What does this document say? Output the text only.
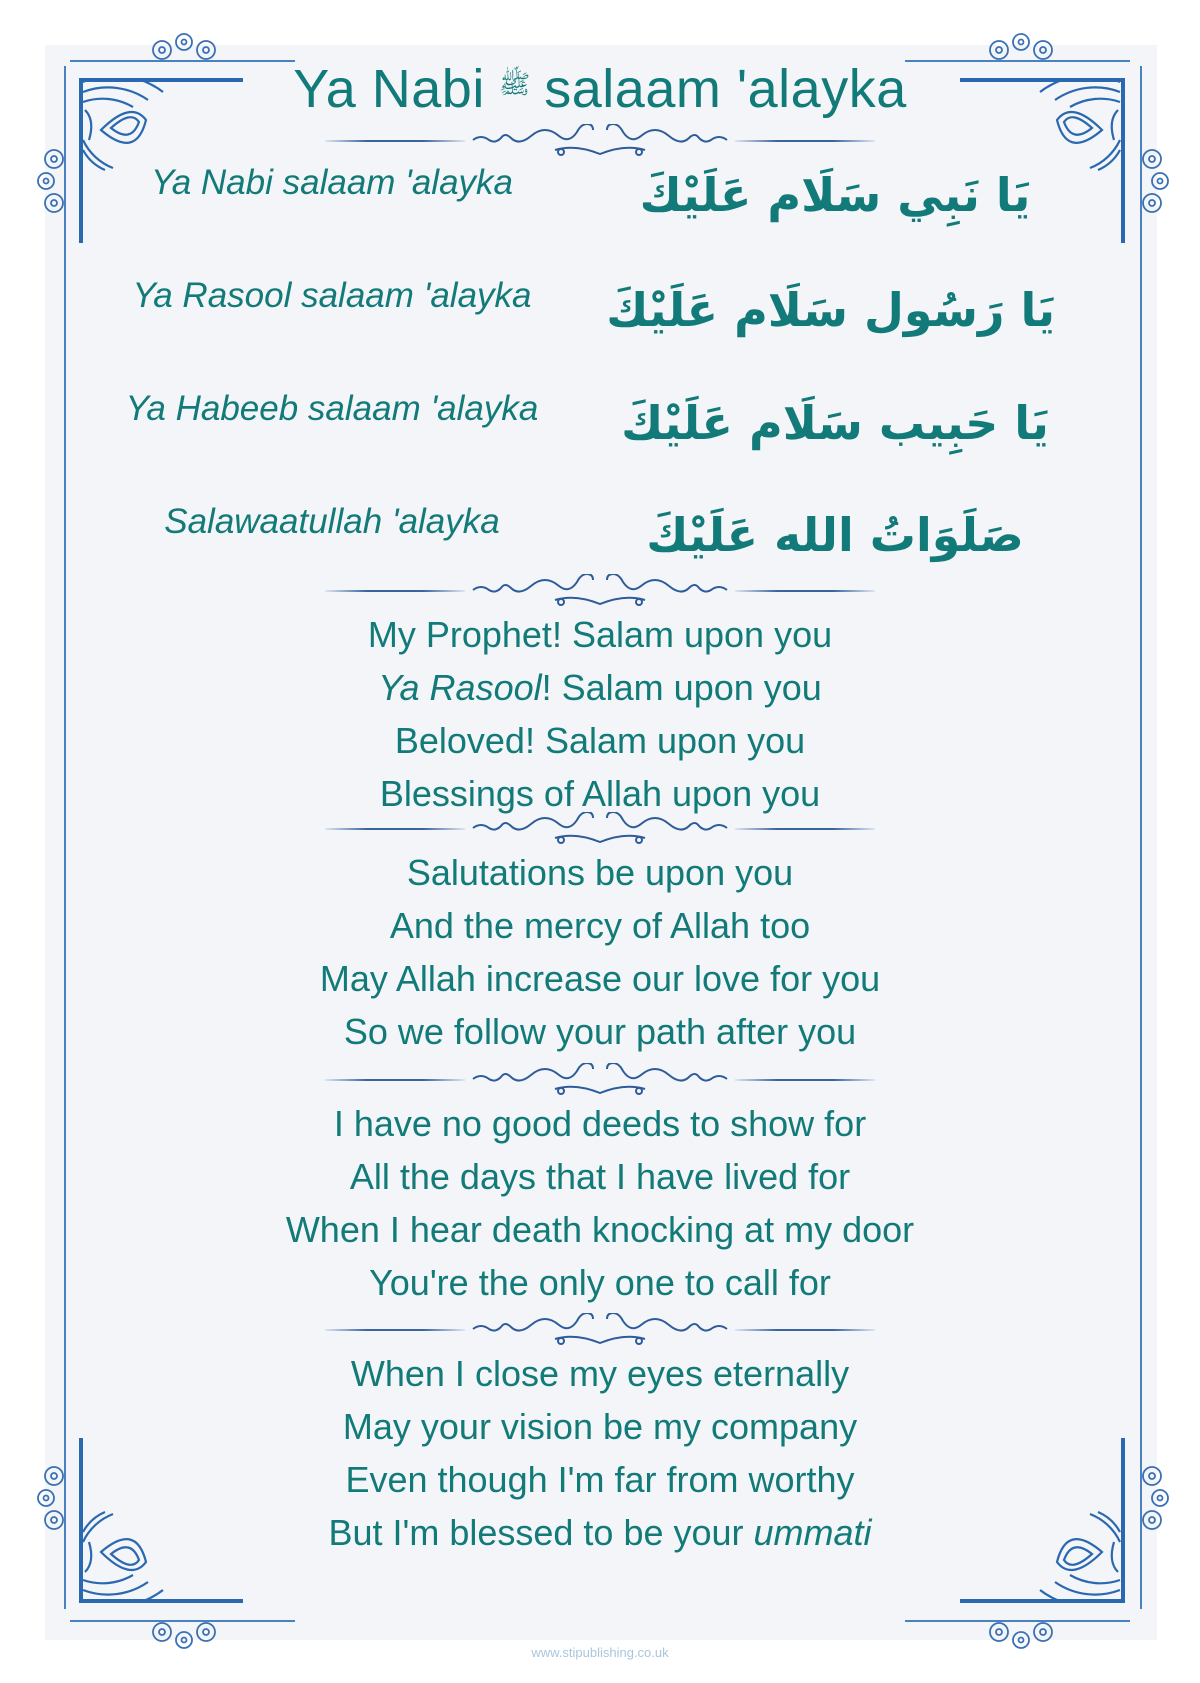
Ya Nabi ﷺ salaam 'alayka
Ya Nabi salaam 'alayka	يَا نَبِي سَلَام عَلَيْكَ
Ya Rasool salaam 'alayka	يَا رَسُول سَلَام عَلَيْكَ
Ya Habeeb salaam 'alayka	يَا حَبِيب سَلَام عَلَيْكَ
Salawaatullah 'alayka	صَلَوَاتُ الله عَلَيْكَ
My Prophet! Salam upon you
Ya Rasool! Salam upon you
Beloved! Salam upon you
Blessings of Allah upon you
Salutations be upon you
And the mercy of Allah too
May Allah increase our love for you
So we follow your path after you
I have no good deeds to show for
All the days that I have lived for
When I hear death knocking at my door
You're the only one to call for
When I close my eyes eternally
May your vision be my company
Even though I'm far from worthy
But I'm blessed to be your ummati
www.stipublishing.co.uk
